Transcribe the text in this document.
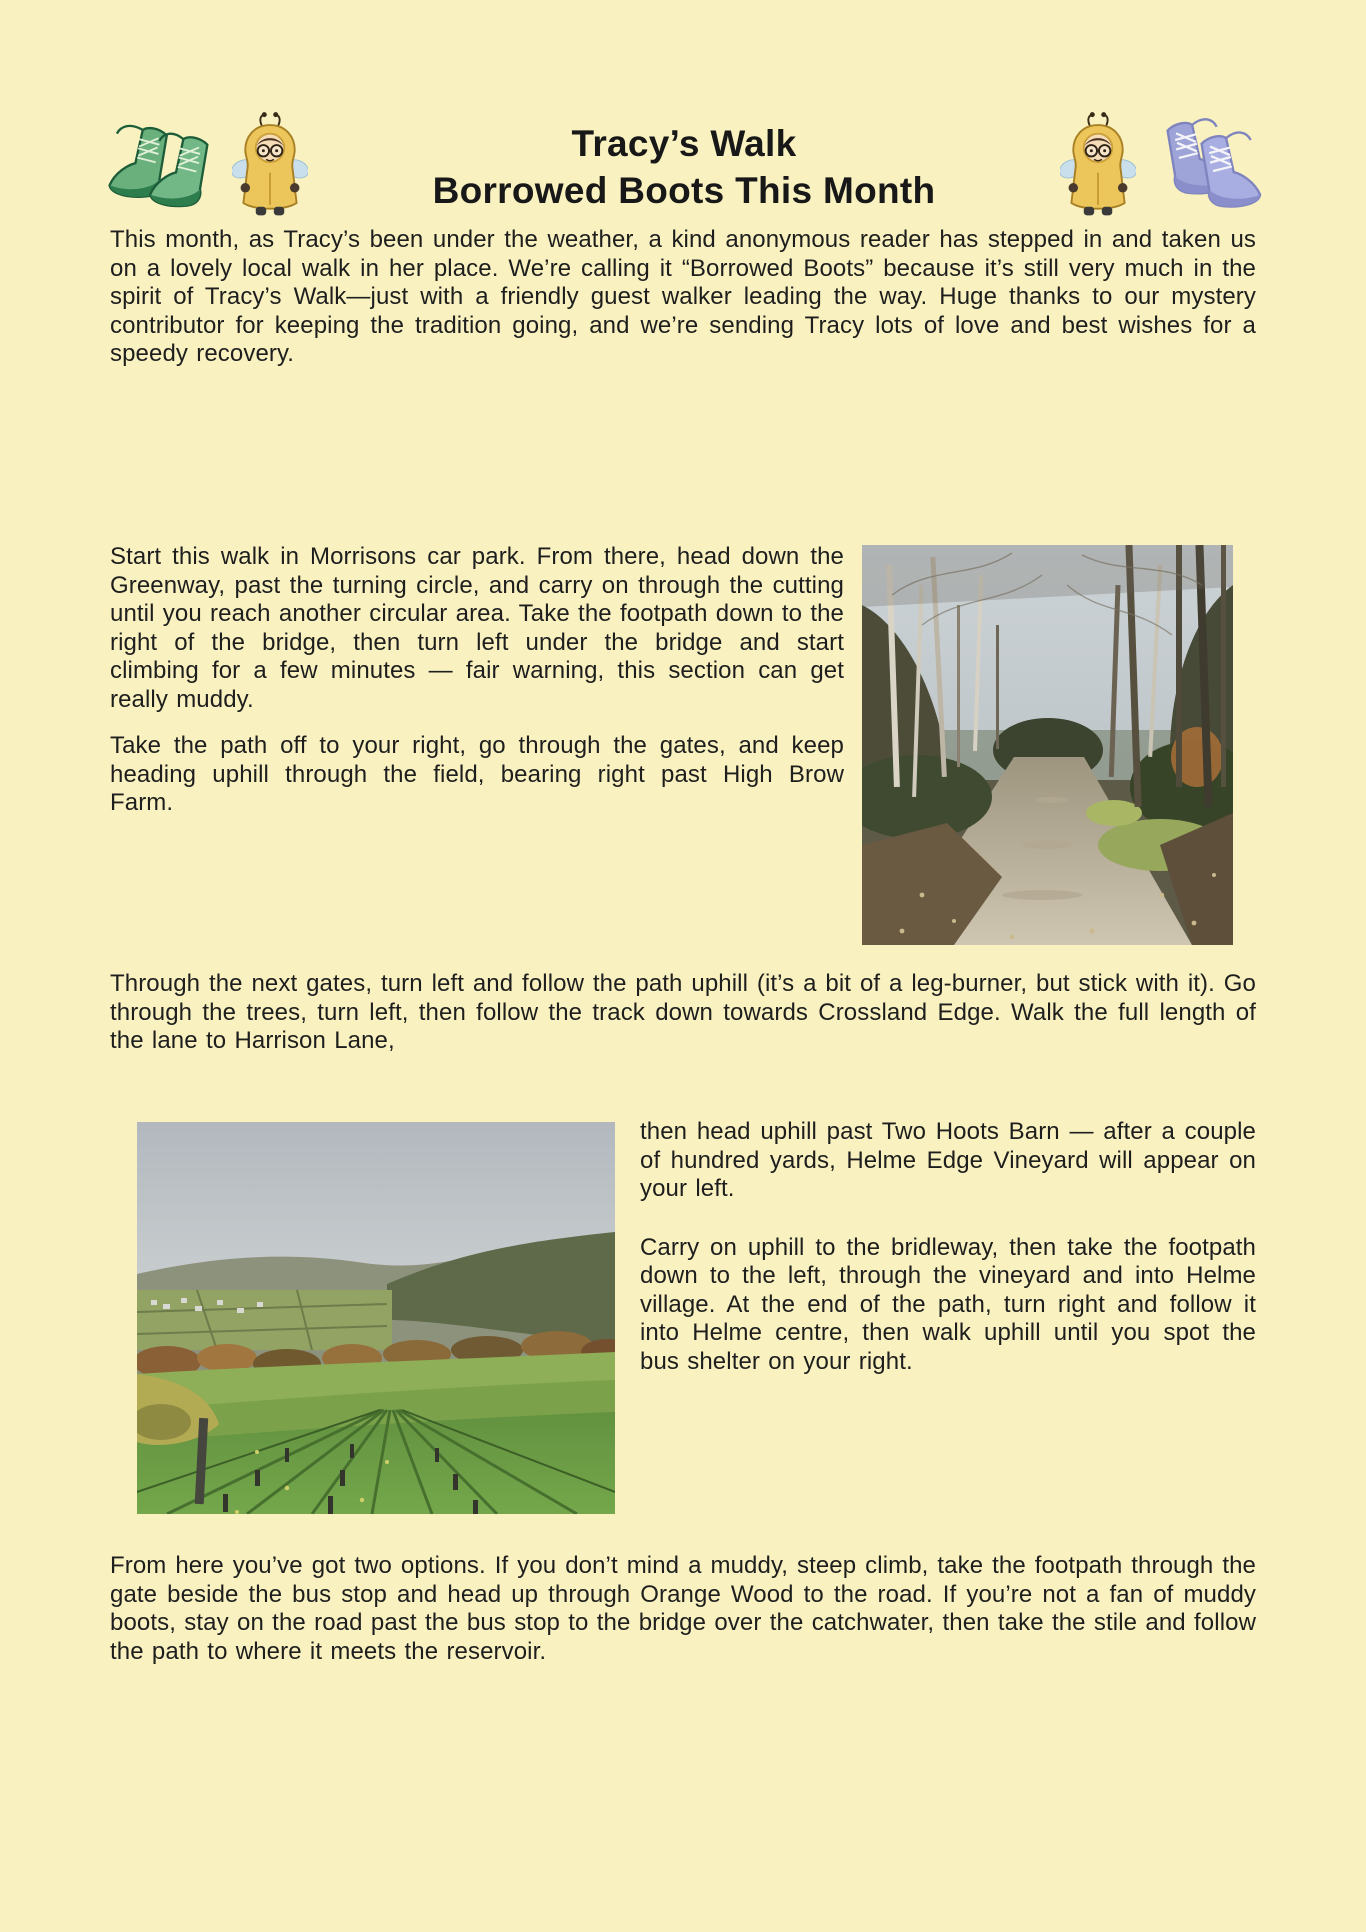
Tracy’s Walk
Borrowed Boots This Month

This month, as Tracy’s been under the weather, a kind anonymous reader has stepped in and taken us on a lovely local walk in her place. We’re calling it “Borrowed Boots” because it’s still very much in the spirit of Tracy’s Walk—just with a friendly guest walker leading the way. Huge thanks to our mystery contributor for keeping the tradition going, and we’re sending Tracy lots of love and best wishes for a speedy recovery.

Start this walk in Morrisons car park. From there, head down the Greenway, past the turning circle, and carry on through the cutting until you reach another circular area. Take the footpath down to the right of the bridge, then turn left under the bridge and start climbing for a few minutes — fair warning, this section can get really muddy.

Take the path off to your right, go through the gates, and keep heading uphill through the field, bearing right past High Brow Farm.

Through the next gates, turn left and follow the path uphill (it’s a bit of a leg-burner, but stick with it). Go through the trees, turn left, then follow the track down towards Crossland Edge. Walk the full length of the lane to Harrison Lane,

then head uphill past Two Hoots Barn — after a couple of hundred yards, Helme Edge Vineyard will appear on your left.

Carry on uphill to the bridleway, then take the footpath down to the left, through the vineyard and into Helme village. At the end of the path, turn right and follow it into Helme centre, then walk uphill until you spot the bus shelter on your right.

From here you’ve got two options. If you don’t mind a muddy, steep climb, take the footpath through the gate beside the bus stop and head up through Orange Wood to the road. If you’re not a fan of muddy boots, stay on the road past the bus stop to the bridge over the catchwater, then take the stile and follow the path to where it meets the reservoir.
